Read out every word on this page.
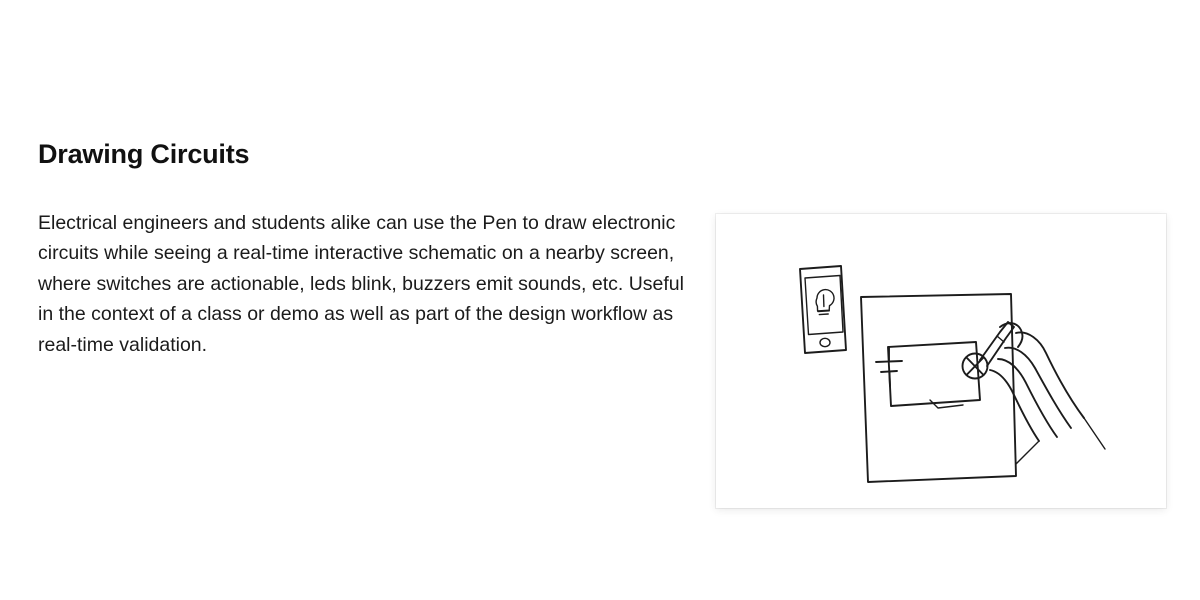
Drawing Circuits

Electrical engineers and students alike can use the Pen to draw electronic circuits while seeing a real-time interactive schematic on a nearby screen, where switches are actionable, leds blink, buzzers emit sounds, etc. Useful in the context of a class or demo as well as part of the design workflow as real-time validation.
